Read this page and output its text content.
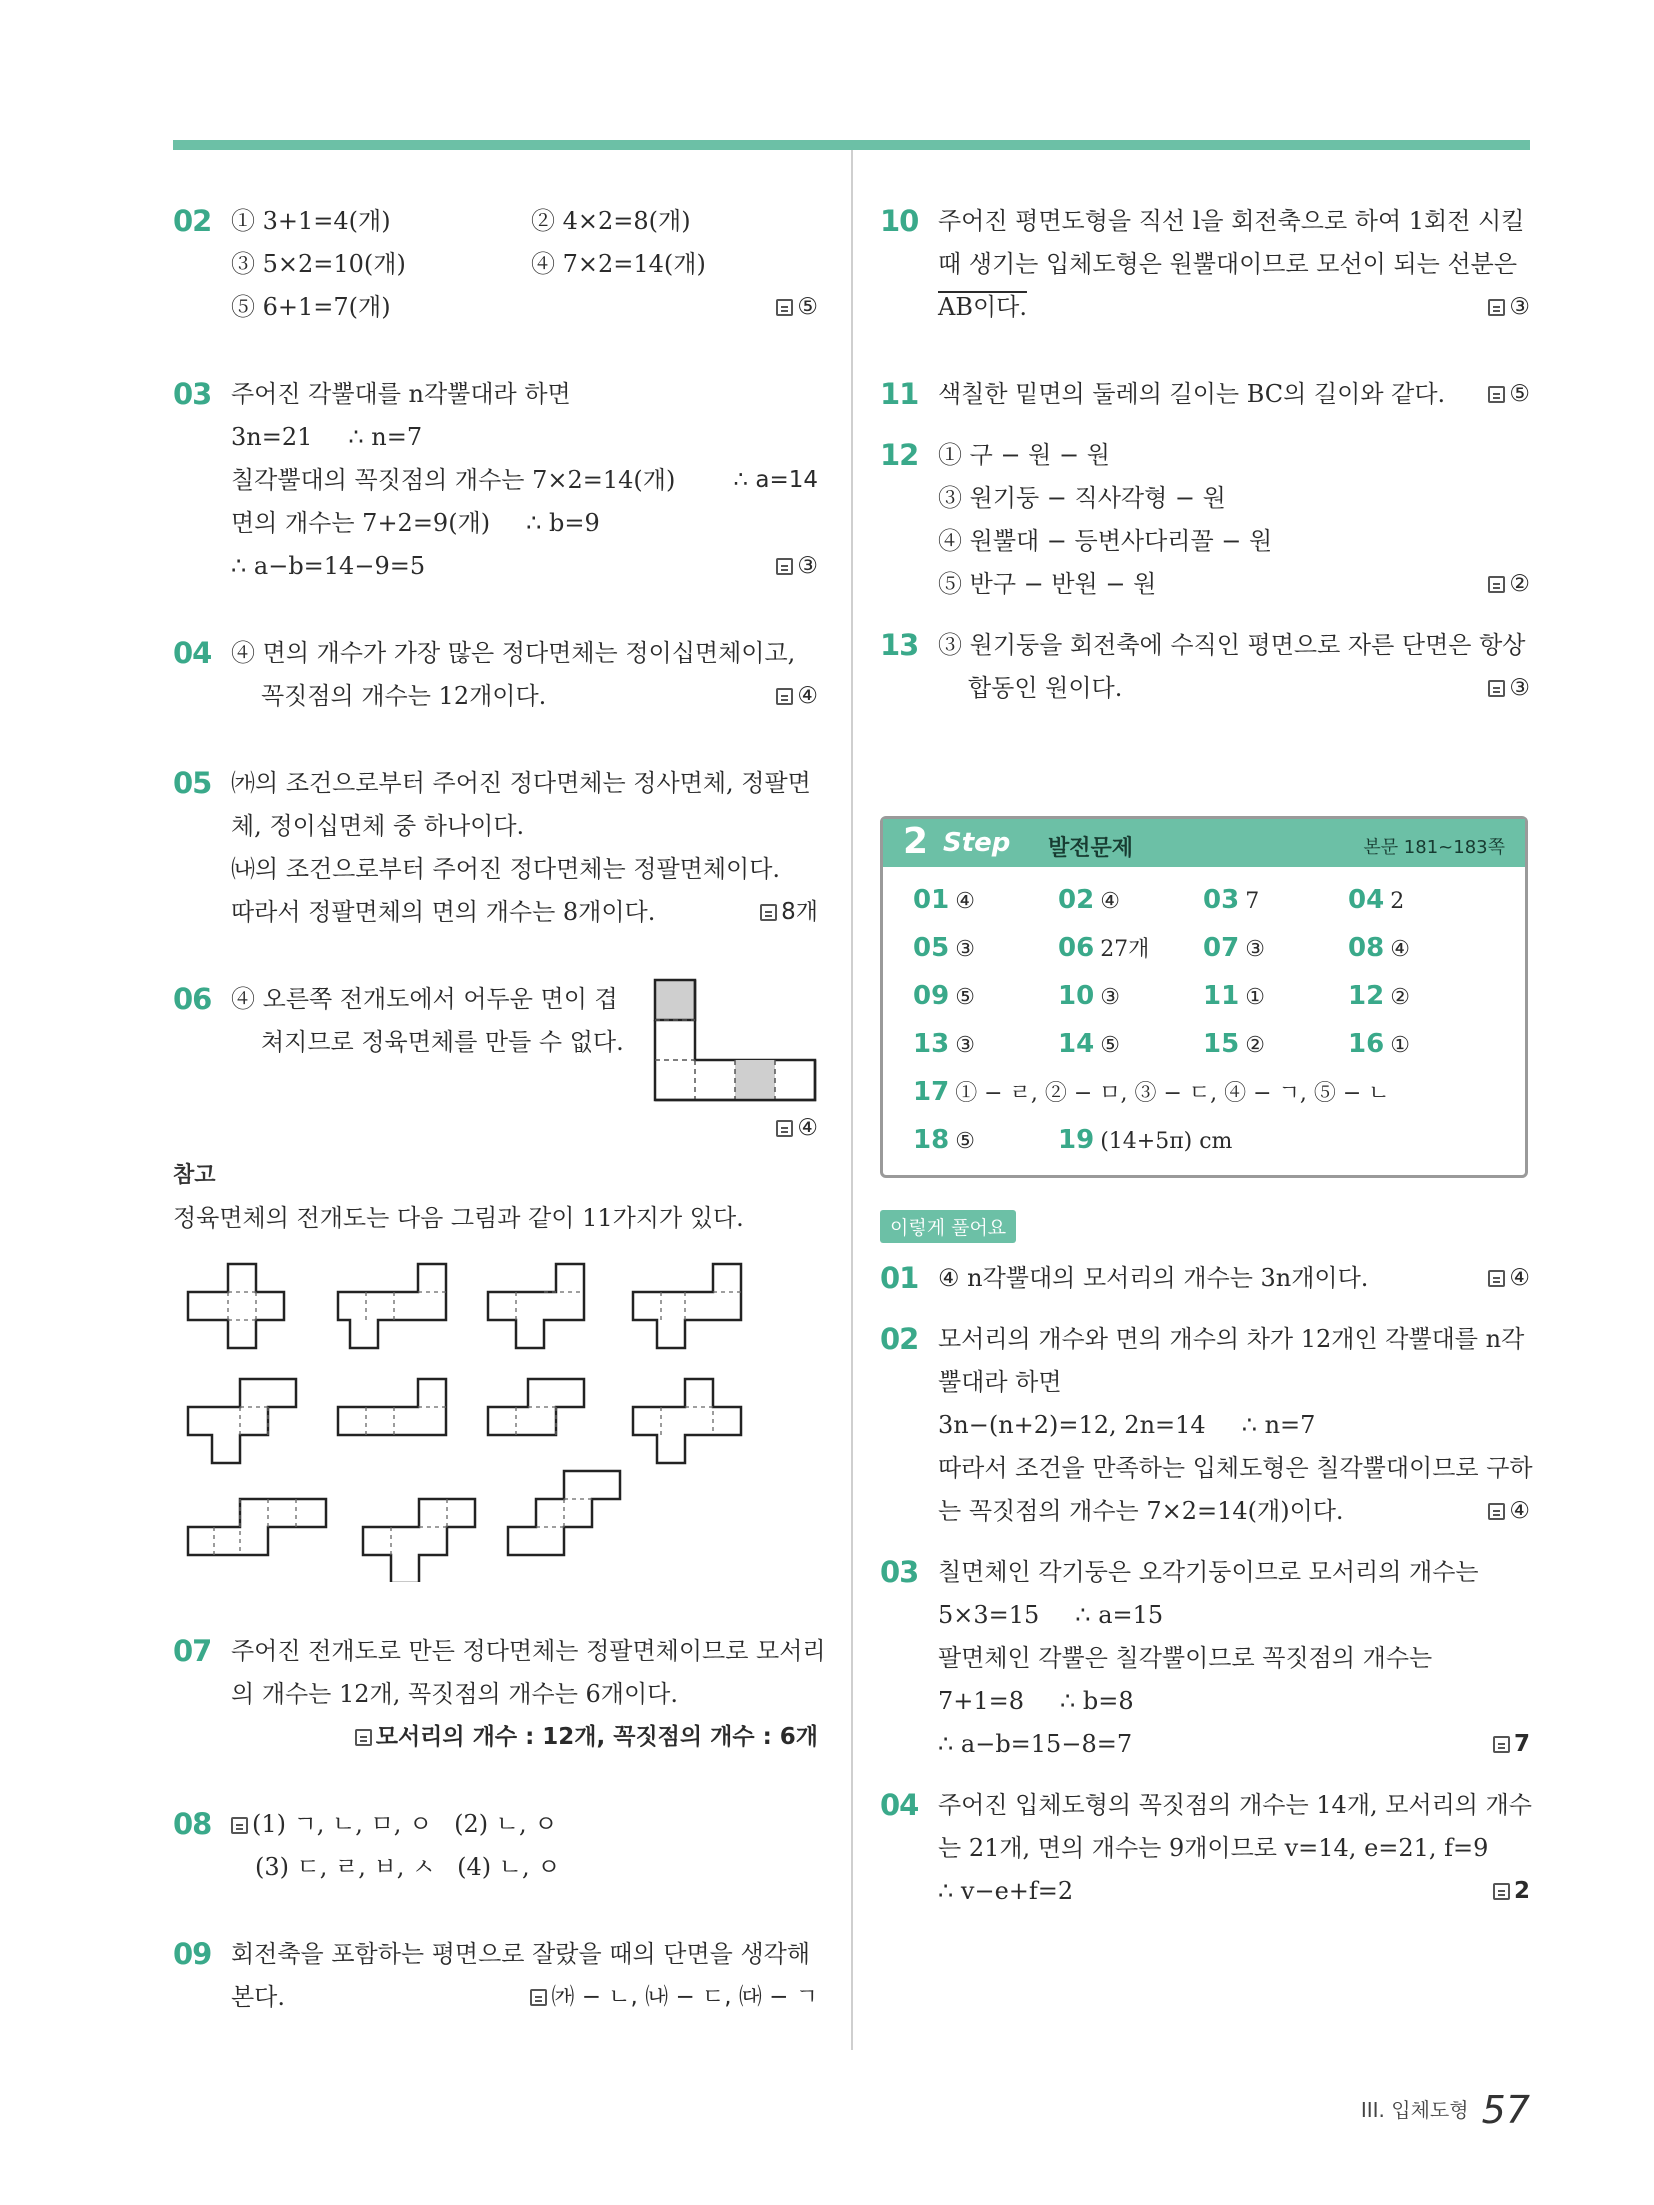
02 ① 3+1=4(개)	② 4×2=8(개)
③ 5×2=10(개)	④ 7×2=14(개)
⑤ 6+1=7(개)	⑤
03 주어진 각뿔대를 n각뿔대라 하면
3n=21 ∴ n=7
칠각뿔대의 꼭짓점의 개수는 7×2=14(개)	∴ a=14
면의 개수는 7+2=9(개) ∴ b=9
∴ a−b=14−9=5	③
04 ④ 면의 개수가 가장 많은 정다면체는 정이십면체이고,
꼭짓점의 개수는 12개이다.	④
05 ㈎의 조건으로부터 주어진 정다면체는 정사면체, 정팔면
체, 정이십면체 중 하나이다.
㈏의 조건으로부터 주어진 정다면체는 정팔면체이다.
따라서 정팔면체의 면의 개수는 8개이다.	8개
06 ④ 오른쪽 전개도에서 어두운 면이 겹
쳐지므로 정육면체를 만들 수 없다.
④
참고
정육면체의 전개도는 다음 그림과 같이 11가지가 있다.
07 주어진 전개도로 만든 정다면체는 정팔면체이므로 모서리
의 개수는 12개, 꼭짓점의 개수는 6개이다.
모서리의 개수 : 12개, 꼭짓점의 개수 : 6개
08	(1) ㄱ, ㄴ, ㅁ, ㅇ (2) ㄴ, ㅇ
(3) ㄷ, ㄹ, ㅂ, ㅅ (4) ㄴ, ㅇ
09 회전축을 포함하는 평면으로 잘랐을 때의 단면을 생각해
본다.	㈎ − ㄴ, ㈏ − ㄷ, ㈐ − ㄱ
10 주어진 평면도형을 직선 l을 회전축으로 하여 1회전 시킬
때 생기는 입체도형은 원뿔대이므로 모선이 되는 선분은
AB이다.	③
11 색칠한 밑면의 둘레의 길이는 BC의 길이와 같다.	⑤
12 ① 구 − 원 − 원
③ 원기둥 − 직사각형 − 원
④ 원뿔대 − 등변사다리꼴 − 원
⑤ 반구 − 반원 − 원	②
13 ③ 원기둥을 회전축에 수직인 평면으로 자른 단면은 항상
합동인 원이다.	③
2 Step 발전문제	본문 181~183쪽
01 ④	02 ④	03 7	04 2
05 ③	06 27개	07 ③	08 ④
09 ⑤	10 ③	11 ①	12 ②
13 ③	14 ⑤	15 ②	16 ①
17 ① − ㄹ, ② − ㅁ, ③ − ㄷ, ④ − ㄱ, ⑤ − ㄴ
18 ⑤	19 (14+5π) cm
이렇게 풀어요
01 ④ n각뿔대의 모서리의 개수는 3n개이다.	④
02 모서리의 개수와 면의 개수의 차가 12개인 각뿔대를 n각
뿔대라 하면
3n−(n+2)=12, 2n=14 ∴ n=7
따라서 조건을 만족하는 입체도형은 칠각뿔대이므로 구하
는 꼭짓점의 개수는 7×2=14(개)이다.	④
03 칠면체인 각기둥은 오각기둥이므로 모서리의 개수는
5×3=15 ∴ a=15
팔면체인 각뿔은 칠각뿔이므로 꼭짓점의 개수는
7+1=8 ∴ b=8
∴ a−b=15−8=7	7
04 주어진 입체도형의 꼭짓점의 개수는 14개, 모서리의 개수
는 21개, 면의 개수는 9개이므로 v=14, e=21, f=9
∴ v−e+f=2	2
III. 입체도형 57
